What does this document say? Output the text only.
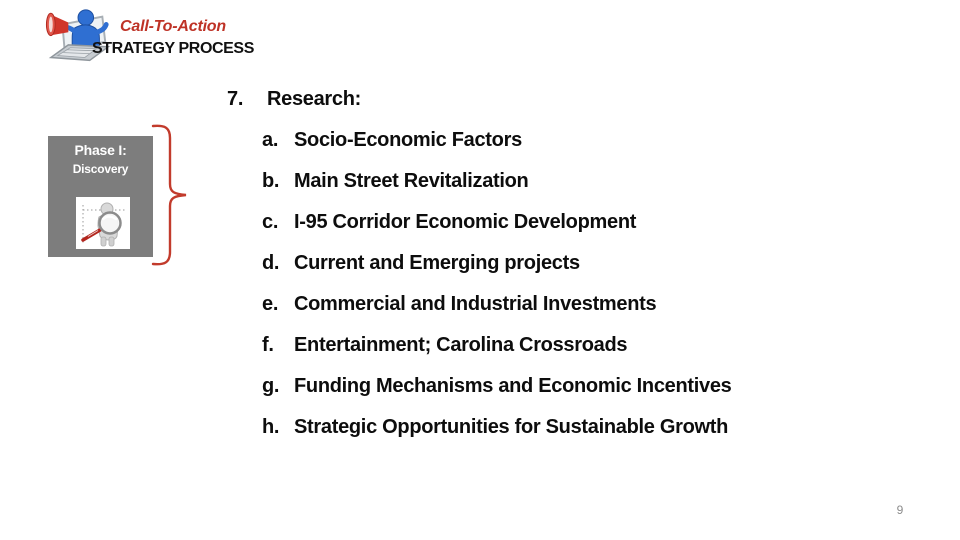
Call-To-Action
STRATEGY PROCESS
Phase I:
Discovery
7.	Research:
a. Socio-Economic Factors
b. Main Street Revitalization
c. I-95 Corridor Economic Development
d. Current and Emerging projects
e. Commercial and Industrial Investments
f.	Entertainment; Carolina Crossroads
g. Funding Mechanisms and Economic Incentives
h. Strategic Opportunities for Sustainable Growth
9
